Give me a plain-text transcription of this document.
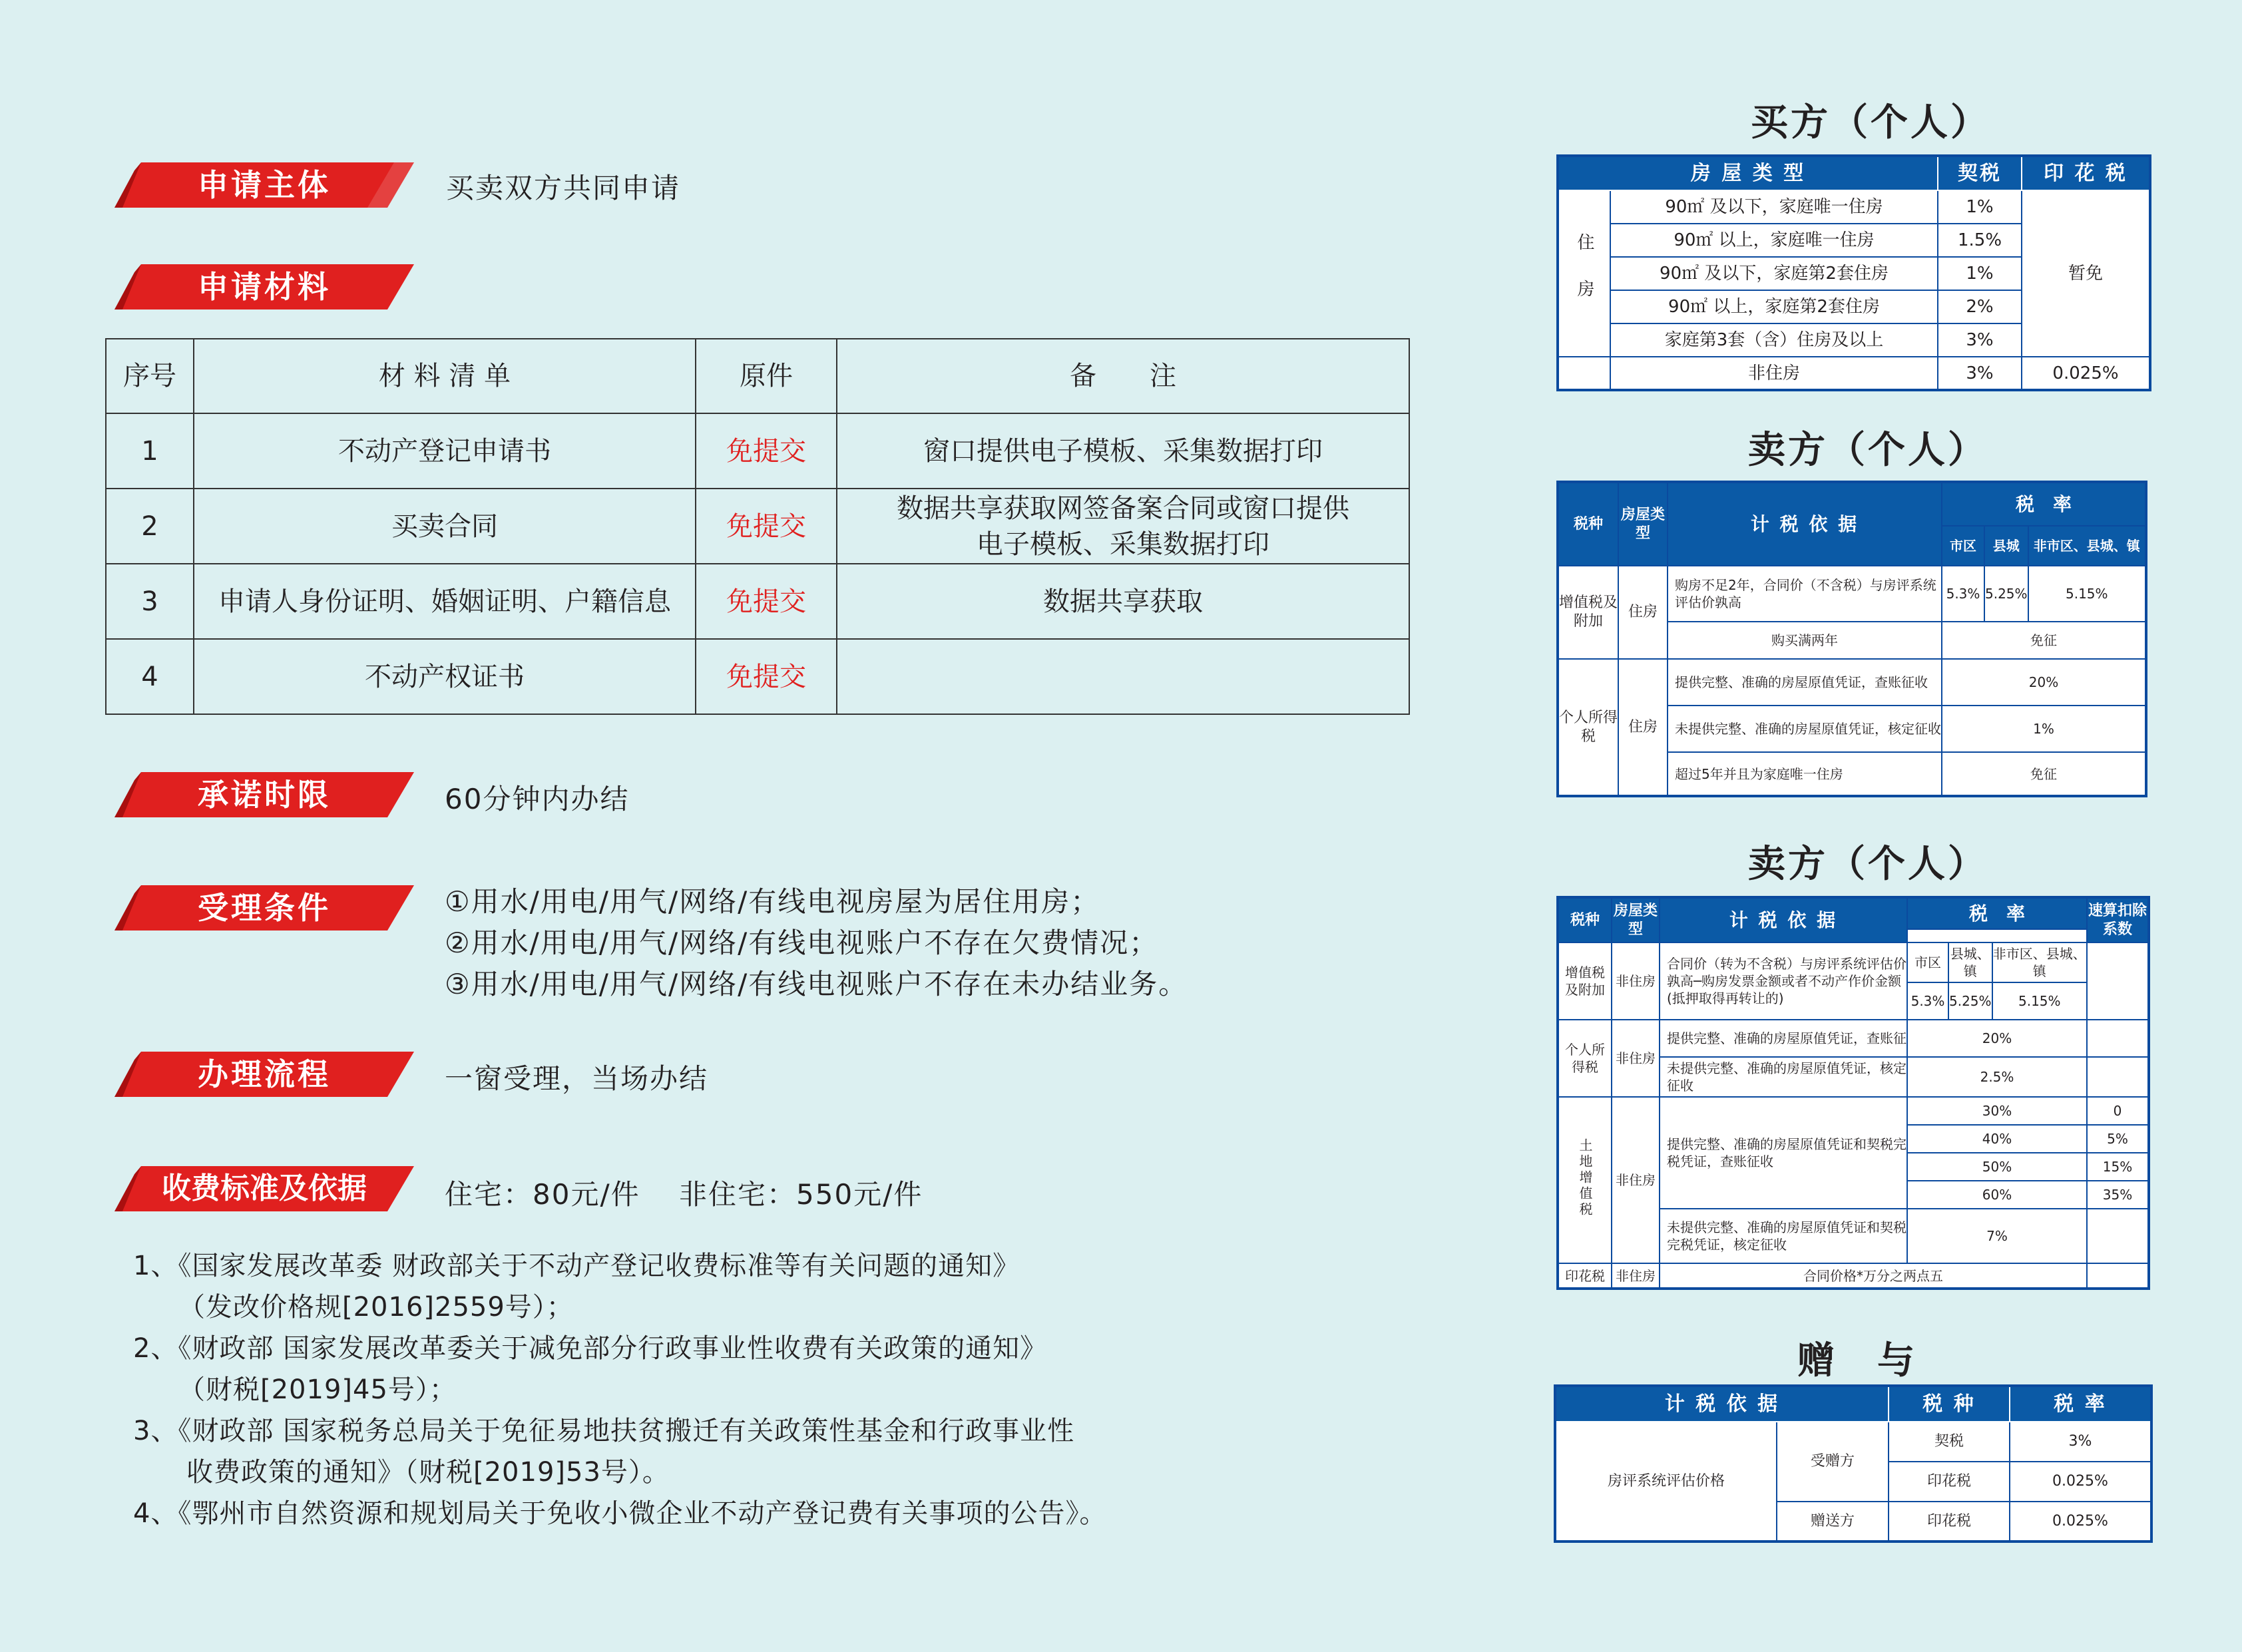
申请主体	买卖双方共同申请
申请材料
序号	材 料 清 单	原件	备　　注
1	不动产登记申请书	免提交	窗口提供电子模板、采集数据打印
2	买卖合同	免提交	数据共享获取网签备案合同或窗口提供
电子模板、采集数据打印
3	申请人身份证明、婚姻证明、户籍信息	免提交	数据共享获取
4	不动产权证书	免提交	
承诺时限	60分钟内办结
受理条件	①用水/用电/用气/网络/有线电视房屋为居住用房；
②用水/用电/用气/网络/有线电视账户不存在欠费情况；
③用水/用电/用气/网络/有线电视账户不存在未办结业务。
办理流程	一窗受理，当场办结
收费标准及依据	住宅：80元/件 非住宅：550元/件
1、《国家发展改革委 财政部关于不动产登记收费标准等有关问题的通知》
（发改价格规[2016]2559号）；
2、《财政部 国家发展改革委关于减免部分行政事业性收费有关政策的通知》
（财税[2019]45号）；
3、《财政部 国家税务总局关于免征易地扶贫搬迁有关政策性基金和行政事业性
收费政策的通知》（财税[2019]53号）。
4、《鄂州市自然资源和规划局关于免收小微企业不动产登记费有关事项的公告》。
买方（个人）
房 屋 类 型		契税	印 花 税
住 房	90㎡ 及以下，家庭唯一住房	1%	暂免
	90㎡ 以上，家庭唯一住房	1.5%	
	90㎡ 及以下，家庭第2套住房	1%	
	90㎡ 以上，家庭第2套住房	2%	
	家庭第3套（含）住房及以上	3%	
	非住房	3%	0.025%
卖方（个人）
税种	房屋类型	计 税 依 据	税　率		
			市区	县城	非市区、县城、镇
增值税及附加	住房	购房不足2年，合同价（不含税）与房评系统评估价孰高	5.3%	5.25%	5.15%
		购买满两年	免征		
个人所得税	住房	提供完整、准确的房屋原值凭证，查账征收	20%		
		未提供完整、准确的房屋原值凭证，核定征收	1%		
		超过5年并且为家庭唯一住房	免征		
卖方（个人）
税种	房屋类型	计 税 依 据	税　率			速算扣除系数

增值税及附加	非住房	合同价（转为不含税）与房评系统评估价孰高─购房发票金额或者不动产作价金额(抵押取得再转让的)	市区	县城、镇	非市区、县城、镇	
			5.3%	5.25%	5.15%	
个人所得税	非住房	提供完整、准确的房屋原值凭证，查账征	20%			
		未提供完整、准确的房屋原值凭证，核定征收	2.5%			
土地增值税	非住房	提供完整、准确的房屋原值凭证和契税完税凭证，查账征收	30%			0
			40%			5%
			50%			15%
			60%			35%
		未提供完整、准确的房屋原值凭证和契税完税凭证，核定征收	7%			
印花税	非住房	合同价格*万分之两点五				
赠　与
计 税 依 据		税 种	税 率
房评系统评估价格	受赠方	契税	3%
		印花税	0.025%
	赠送方	印花税	0.025%
